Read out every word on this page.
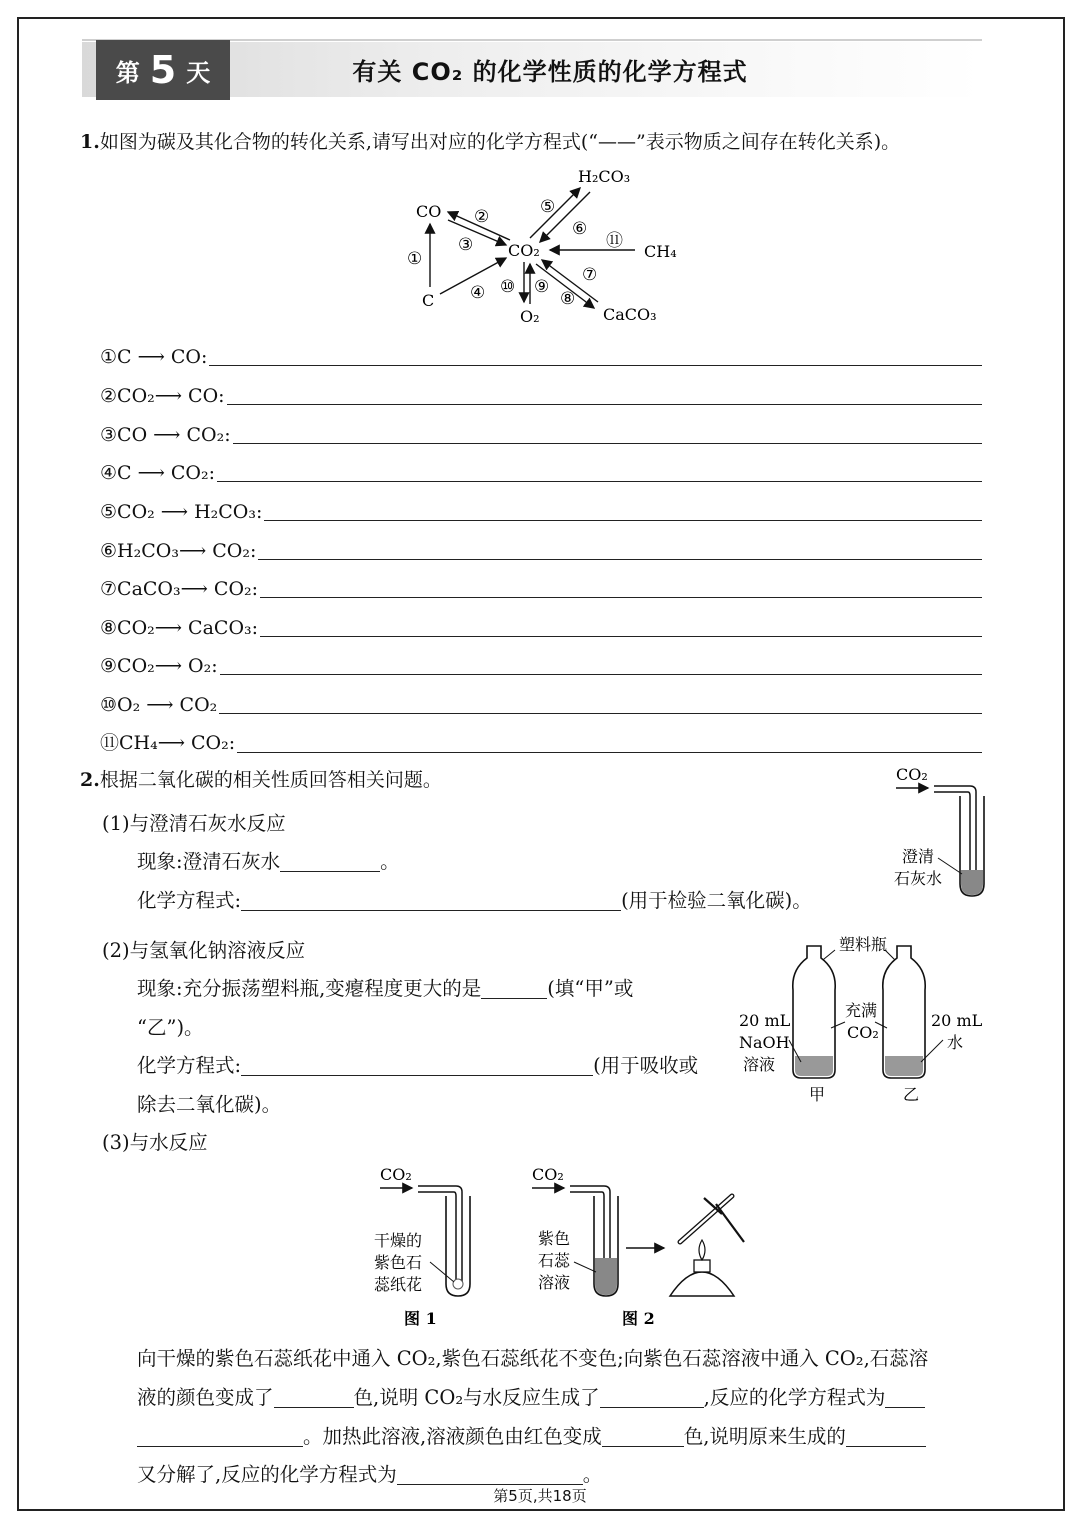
第 5 天	有关 CO₂ 的化学性质的化学方程式
1.如图为碳及其化合物的转化关系,请写出对应的化学方程式(“——”表示物质之间存在转化关系)。
CO
CO₂
C
H₂CO₃
CH₄
O₂	CaCO₃
①
②
③
④
⑤
⑥
⑦
⑧
⑨
⑩
⑪
①C ⟶ CO:
②CO₂⟶ CO:
③CO ⟶ CO₂:
④C ⟶ CO₂:
⑤CO₂ ⟶ H₂CO₃:
⑥H₂CO₃⟶ CO₂:
⑦CaCO₃⟶ CO₂:
⑧CO₂⟶ CaCO₃:
⑨CO₂⟶ O₂:
⑩O₂ ⟶ CO₂
⑪CH₄⟶ CO₂:
2.根据二氧化碳的相关性质回答相关问题。
(1)与澄清石灰水反应
现象:澄清石灰水	。
化学方程式:	(用于检验二氧化碳)。
CO₂
澄清
石灰水
(2)与氢氧化钠溶液反应
现象:充分振荡塑料瓶,变瘪程度更大的是	(填“甲”或
“乙”)。
化学方程式:	(用于吸收或
除去二氧化碳)。
塑料瓶
充满
CO₂
20 mL
NaOH
溶液
20 mL
水
甲	乙
(3)与水反应
CO₂
干燥的
紫色石
蕊纸花
图 1
CO₂
紫色
石蕊
溶液
图 2
向干燥的紫色石蕊纸花中通入 CO₂,紫色石蕊纸花不变色;向紫色石蕊溶液中通入 CO₂,石蕊溶
液的颜色变成了	色,说明 CO₂与水反应生成了	,反应的化学方程式为
。加热此溶液,溶液颜色由红色变成	色,说明原来生成的
又分解了,反应的化学方程式为	。
第5页,共18页
